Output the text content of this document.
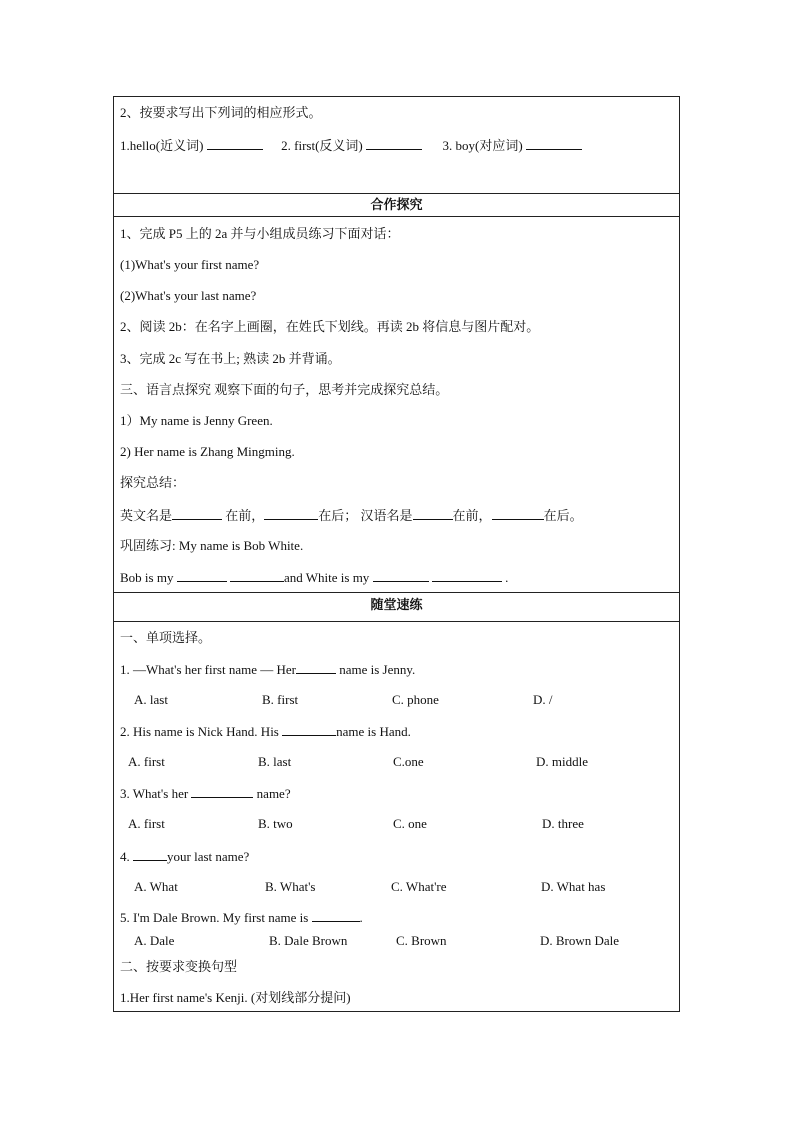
2、按要求写出下列词的相应形式。
1.hello(近义词)	2. first(反义词)	3. boy(对应词)
合作探究
1、完成 P5 上的 2a 并与小组成员练习下面对话：
(1)What's your first name?
(2)What's your last name?
2、阅读 2b：在名字上画圈，在姓氏下划线。再读 2b 将信息与图片配对。
3、完成 2c 写在书上; 熟读 2b 并背诵。
三、语言点探究 观察下面的句子，思考并完成探究总结。
1）My name is Jenny Green.
2) Her name is Zhang Mingming.
探究总结：
英文名是	在前，	在后； 汉语名是	在前，	在后。
巩固练习: My name is Bob White.
Bob is my	and White is my	.
随堂速练
一、单项选择。
1. —What's her first name — Her	name is Jenny.
A. last	B. first	C. phone	D. /
2. His name is Nick Hand. His	name is Hand.
A. first	B. last	C.one	D. middle
3. What's her	name?
A. first	B. two	C. one	D. three
4.	your last name?
A. What	B. What's	C. What're	D. What has
5. I'm Dale Brown. My first name is	.
A. Dale	B. Dale Brown	C. Brown	D. Brown Dale
二、按要求变换句型
1.Her first name's Kenji. (对划线部分提问)
